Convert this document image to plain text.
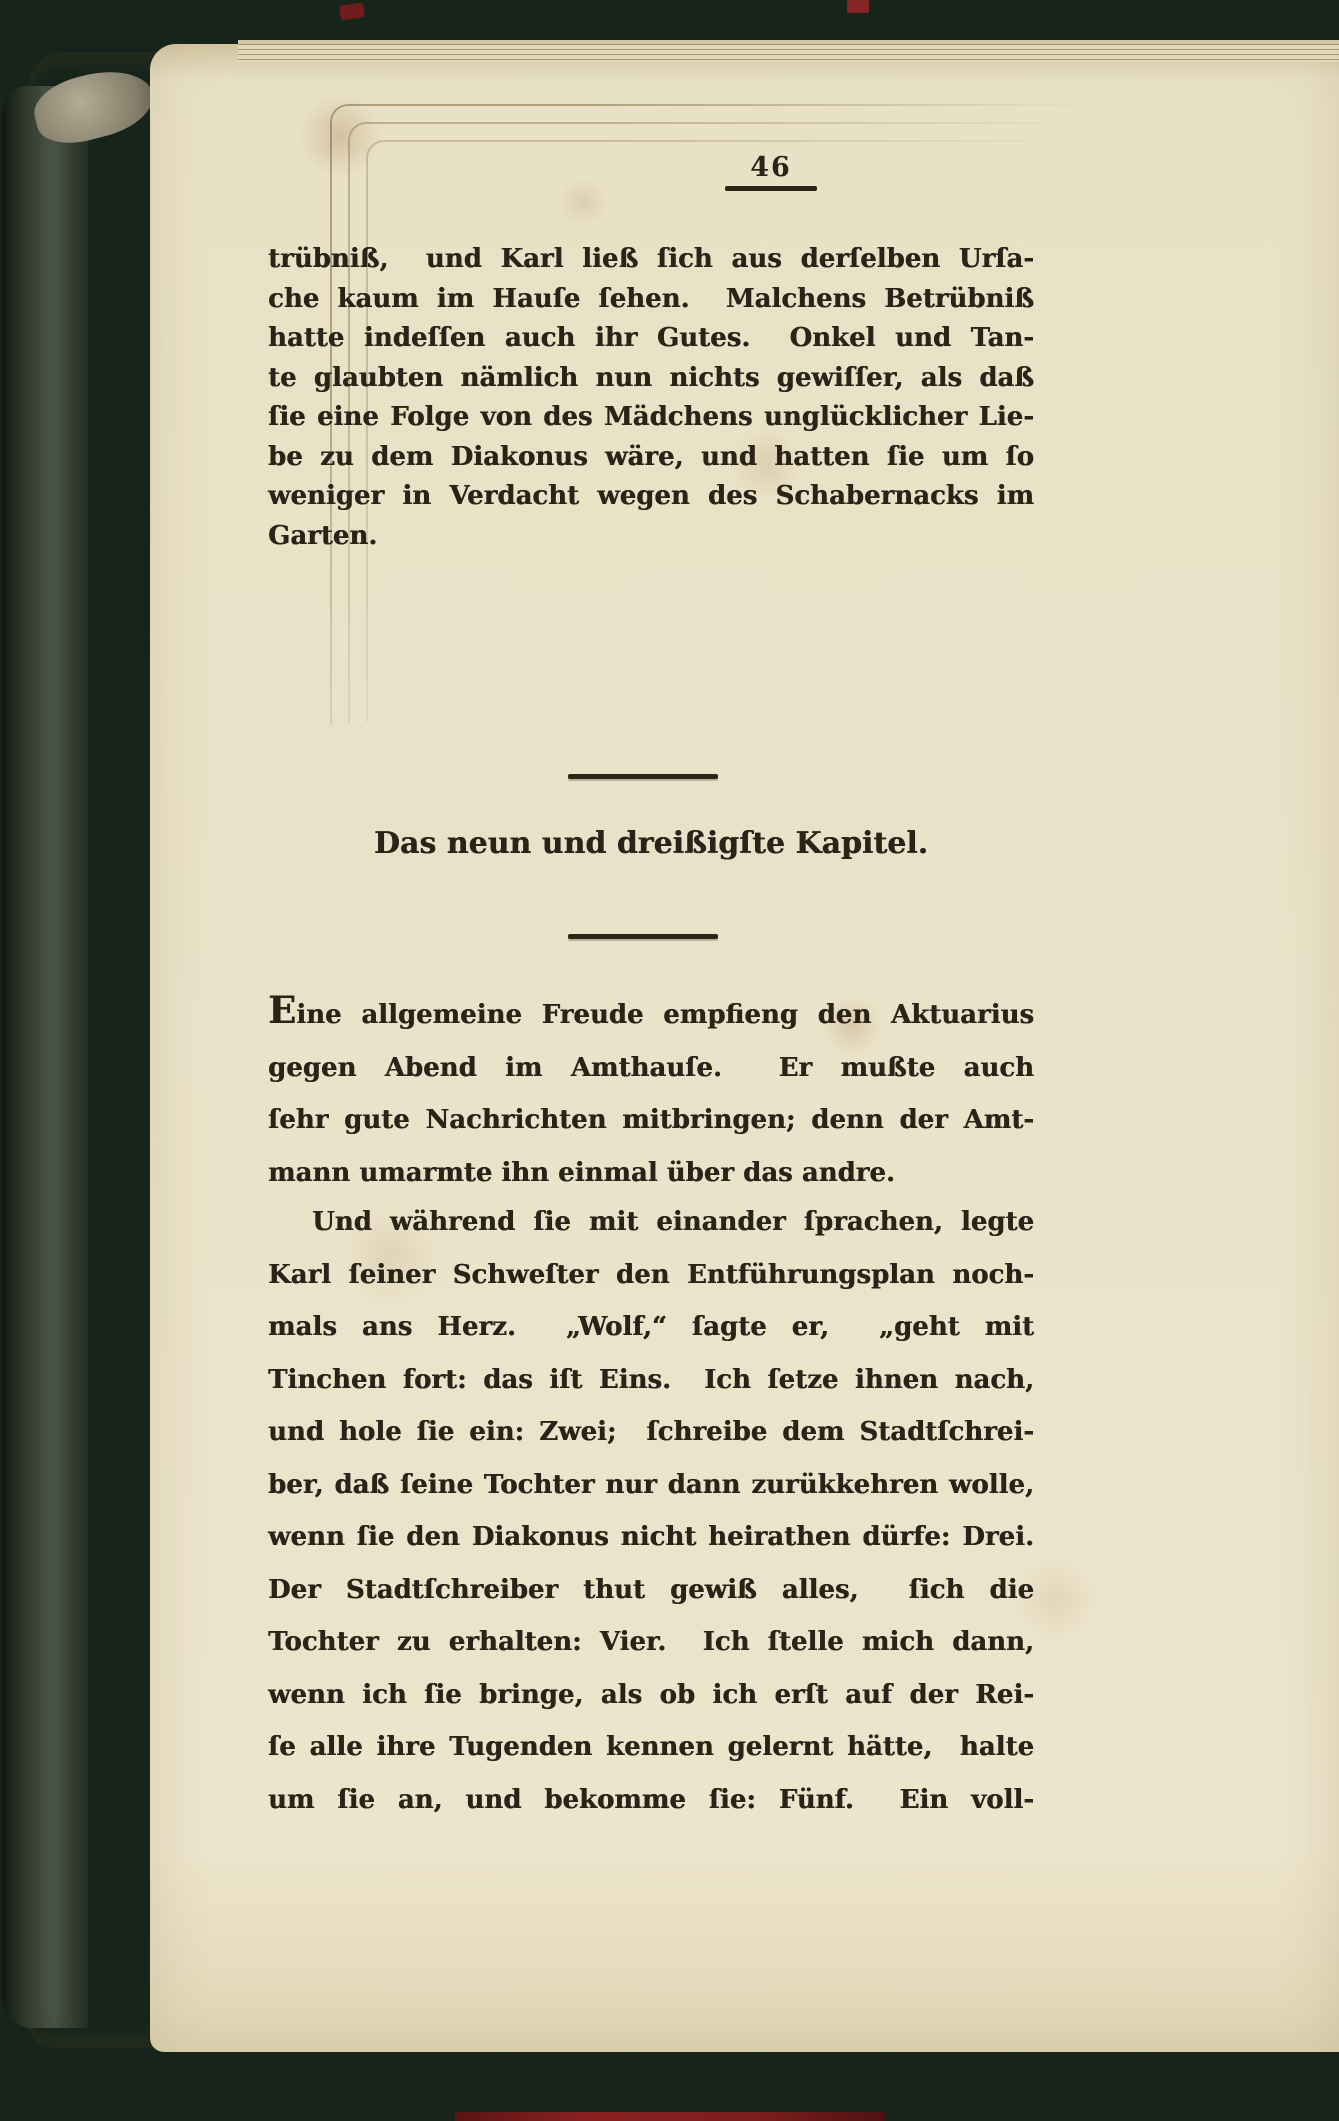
46
trübniß,  und Karl ließ ſich aus derſelben Urſa-
che kaum im Hauſe ſehen.  Malchens Betrübniß
hatte indeſſen auch ihr Gutes.  Onkel und Tan-
te glaubten nämlich nun nichts gewiſſer, als daß
ſie eine Folge von des Mädchens unglücklicher Lie-
be zu dem Diakonus wäre, und hatten ſie um ſo
weniger in Verdacht wegen des Schabernacks im
Garten.
Das neun und dreißigſte Kapitel.
Eine allgemeine Freude empfieng den Aktuarius
gegen Abend im Amthauſe.  Er mußte auch
ſehr gute Nachrichten mitbringen; denn der Amt-
mann umarmte ihn einmal über das andre.
Und während ſie mit einander ſprachen, legte
Karl ſeiner Schweſter den Entführungsplan noch-
mals ans Herz.  „Wolf,“ ſagte er,  „geht mit
Tinchen fort: das iſt Eins.  Ich ſetze ihnen nach,
und hole ſie ein: Zwei;  ſchreibe dem Stadtſchrei-
ber, daß ſeine Tochter nur dann zurükkehren wolle,
wenn ſie den Diakonus nicht heirathen dürfe: Drei.
Der Stadtſchreiber thut gewiß alles,  ſich die
Tochter zu erhalten: Vier.  Ich ſtelle mich dann,
wenn ich ſie bringe, als ob ich erſt auf der Rei-
ſe alle ihre Tugenden kennen gelernt hätte,  halte
um ſie an, und bekomme ſie: Fünf.  Ein voll-
